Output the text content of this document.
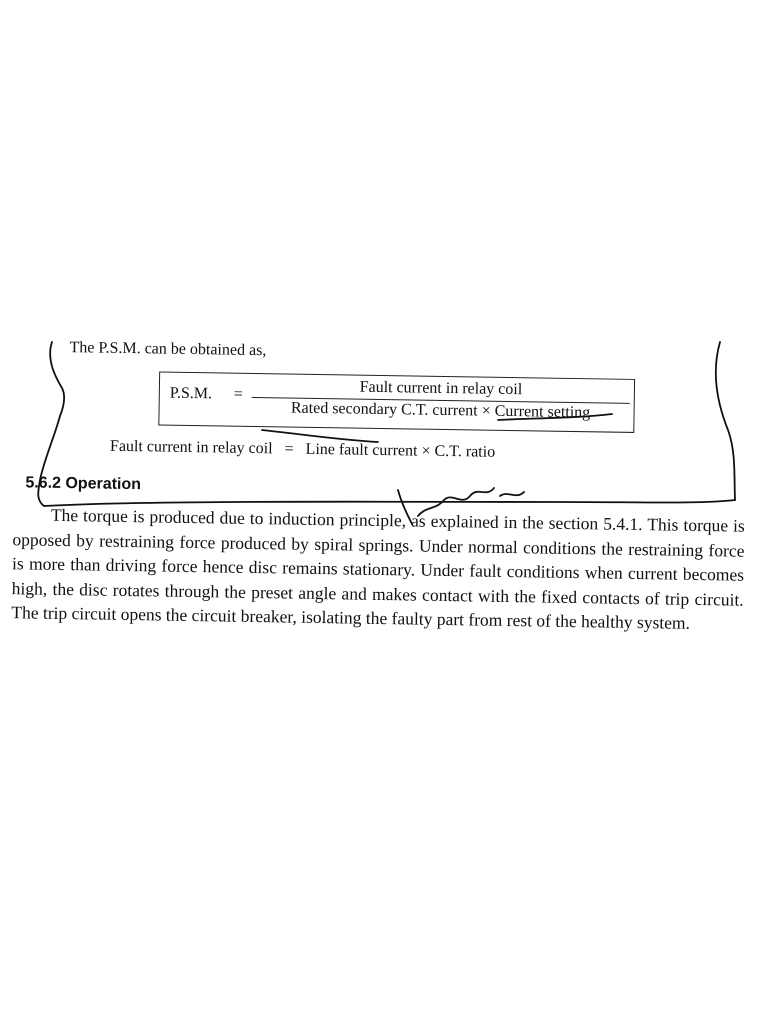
The P.S.M. can be obtained as,
P.S.M. =	Fault current in relay coil
Rated secondary C.T. current × Current setting
Fault current in relay coil = Line fault current × C.T. ratio
5.6.2 Operation
The torque is produced due to induction principle, as explained in the section 5.4.1. This torque is opposed by restraining force produced by spiral springs. Under normal conditions the restraining force is more than driving force hence disc remains stationary. Under fault conditions when current becomes high, the disc rotates through the preset angle and makes contact with the fixed contacts of trip circuit. The trip circuit opens the circuit breaker, isolating the faulty part from rest of the healthy system.
